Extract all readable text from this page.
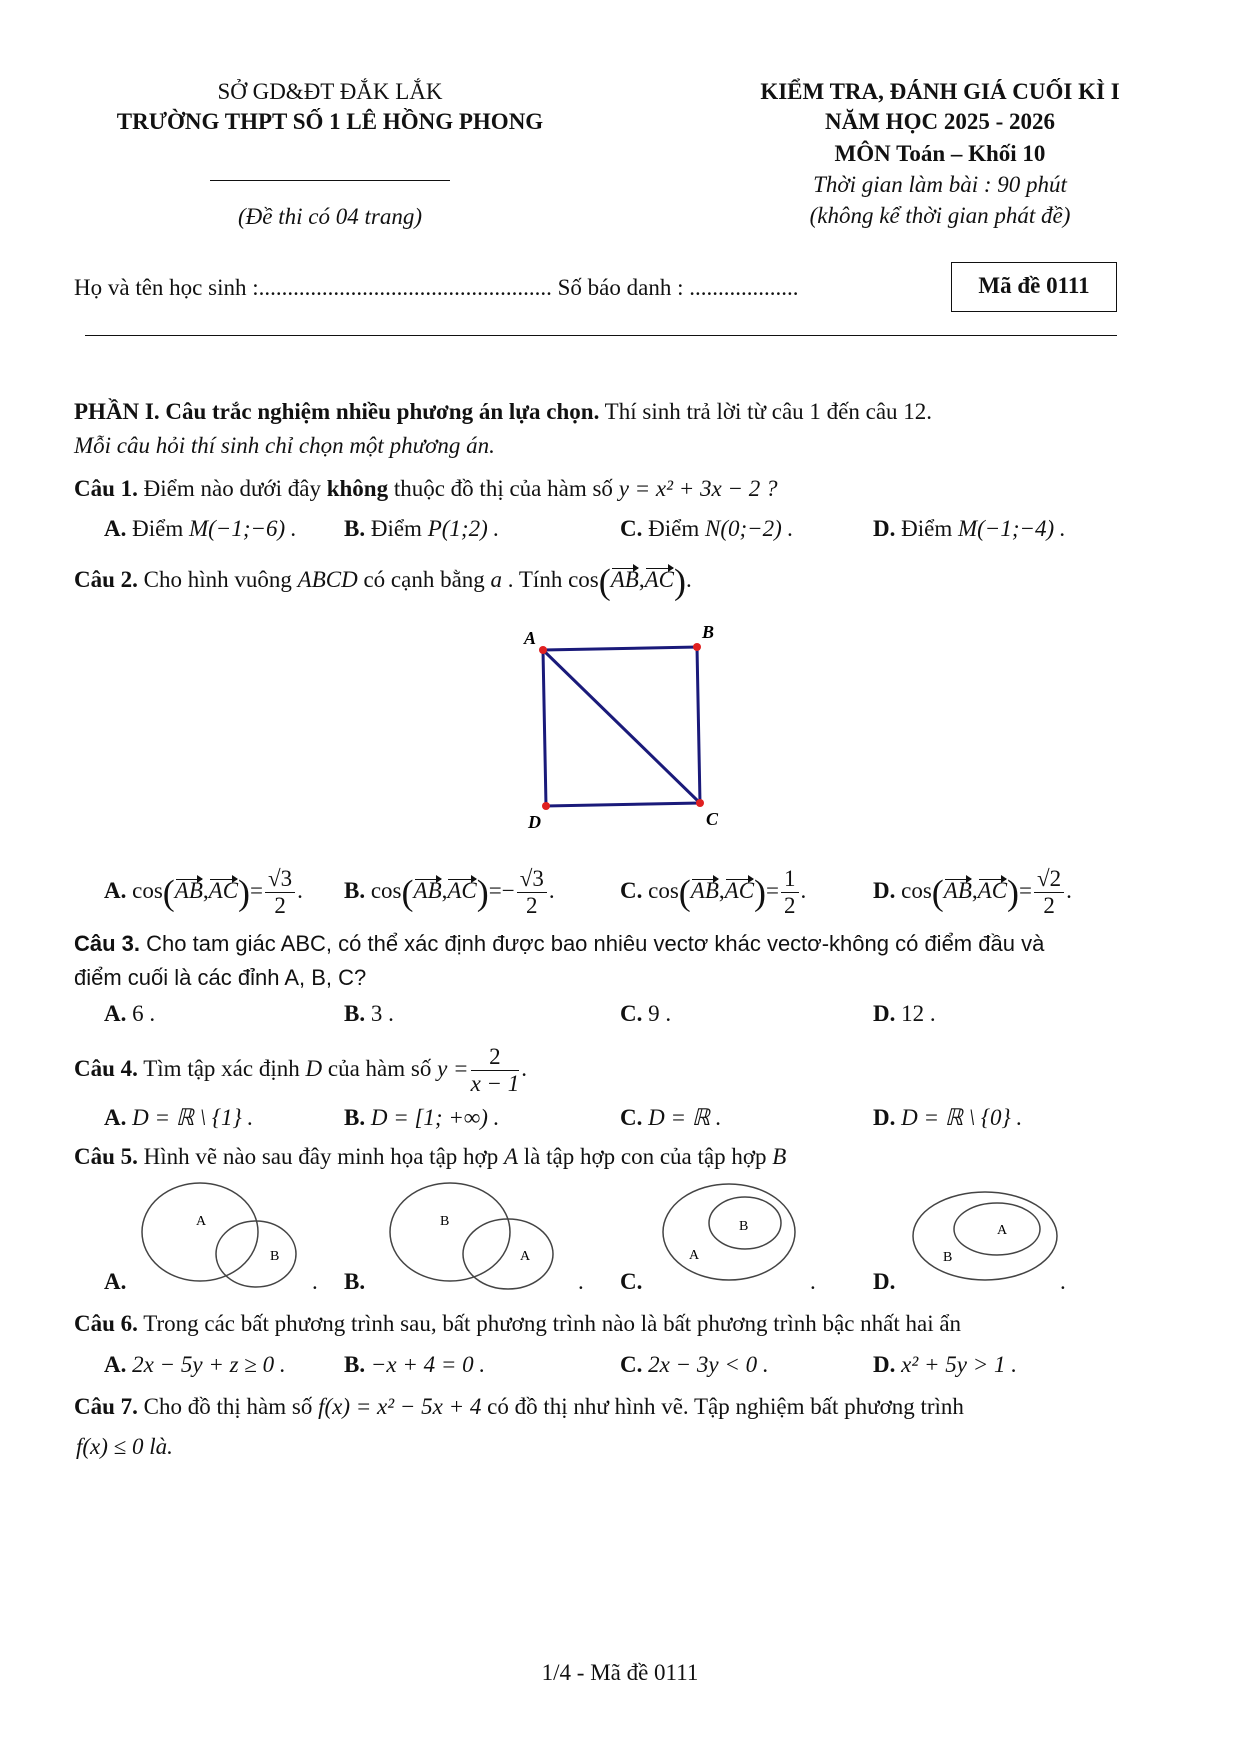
SỞ GD&ĐT ĐẮK LẮK
TRƯỜNG THPT SỐ 1 LÊ HỒNG PHONG
(Đề thi có 04 trang)
KIỂM TRA, ĐÁNH GIÁ CUỐI KÌ I
NĂM HỌC 2025 - 2026
MÔN Toán – Khối 10
Thời gian làm bài : 90 phút
(không kể thời gian phát đề)
Họ và tên học sinh :................................................... Số báo danh : ...................	Mã đề 0111
PHẦN I. Câu trắc nghiệm nhiều phương án lựa chọn. Thí sinh trả lời từ câu 1 đến câu 12.
Mỗi câu hỏi thí sinh chỉ chọn một phương án.
Câu 1. Điểm nào dưới đây không thuộc đồ thị của hàm số y = x² + 3x − 2 ?
A. Điểm M(−1;−6) . B. Điểm P(1;2) .	C. Điểm N(0;−2) .	D. Điểm M(−1;−4) .
Câu 2. Cho hình vuông ABCD có cạnh bằng a . Tính cos(AB,AC).
A	B
C
D
A. $\cos(AB,AC)= \frac{√3}{2}$ . B. $\cos(AB,AC)=- \frac{√3}{2}$ .	C. $\cos(AB,AC)= \frac{1}{2}$ .	D. $\cos(AB,AC)= \frac{√2}{2}$ .
Câu 3. Cho tam giác ABC, có thể xác định được bao nhiêu vectơ khác vectơ-không có điểm đầu và
điểm cuối là các đỉnh A, B, C?
A. 6 .	B. 3 .	C. 9 .	D. 12 .
Câu 4. Tìm tập xác định D của hàm số $y = \frac{2}{x - 1}$ .
A. D = ℝ \ {1} .	B. D = [1; +∞) .	C. D = ℝ .	D. D = ℝ \ {0} .
Câu 5. Hình vẽ nào sau đây minh họa tập hợp A là tập hợp con của tập hợp B
A.
A
B
. B.
B
A
. C.
B
A
. D.
A
B
.
Câu 6. Trong các bất phương trình sau, bất phương trình nào là bất phương trình bậc nhất hai ẩn
A. 2x − 5y + z ≥ 0 .	B. −x + 4 = 0 .	C. 2x − 3y < 0 .	D. x² + 5y > 1 .
Câu 7. Cho đồ thị hàm số f(x) = x² − 5x + 4 có đồ thị như hình vẽ. Tập nghiệm bất phương trình
f(x) ≤ 0 là.
1/4 - Mã đề 0111
